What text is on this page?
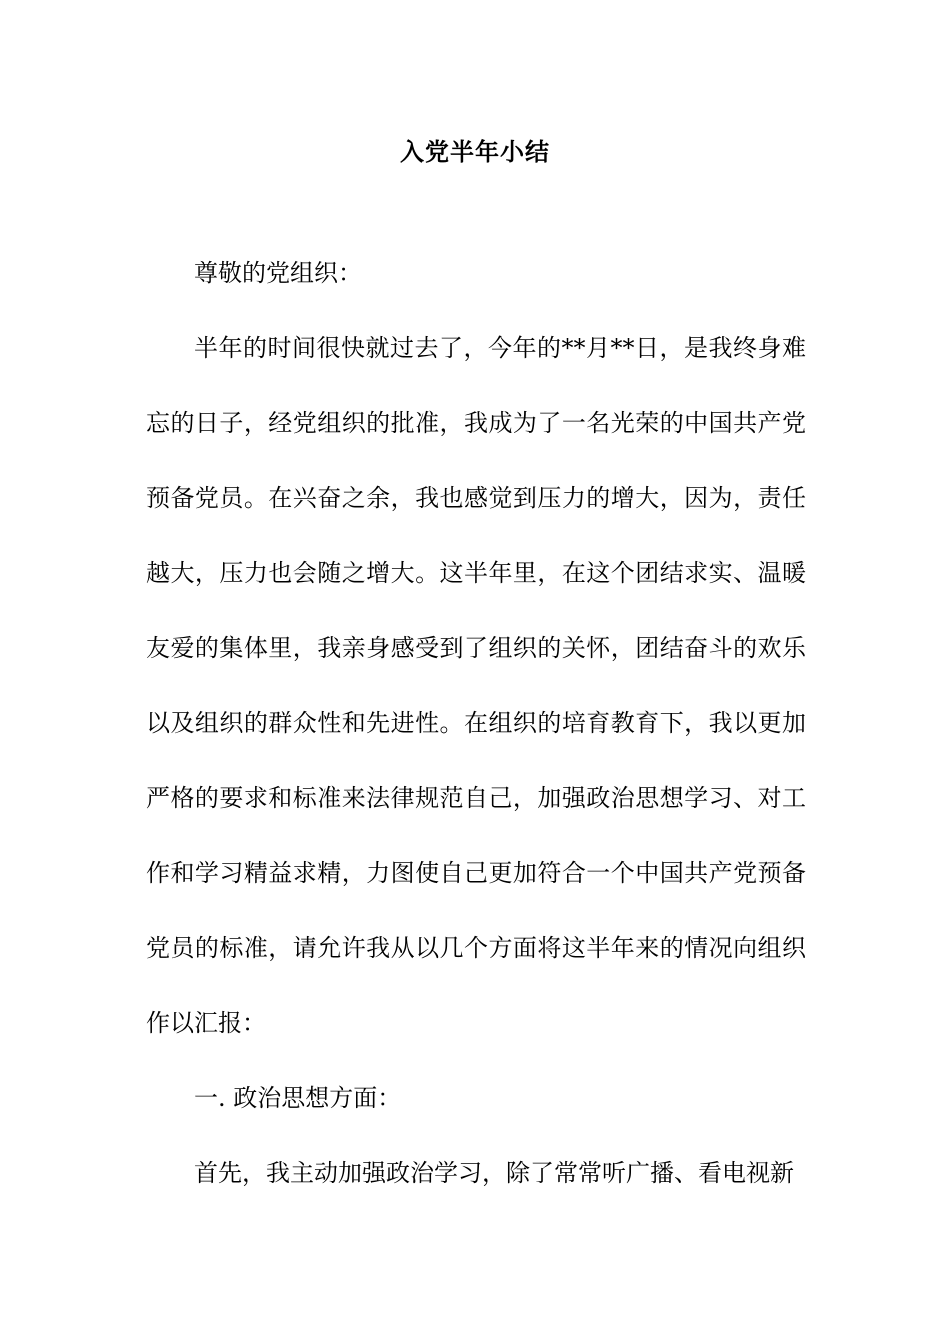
入党半年小结

尊敬的党组织：

半年的时间很快就过去了，今年的**月**日，是我终身难忘的日子，经党组织的批准，我成为了一名光荣的中国共产党预备党员。在兴奋之余，我也感觉到压力的增大，因为，责任越大，压力也会随之增大。这半年里，在这个团结求实、温暖友爱的集体里，我亲身感受到了组织的关怀，团结奋斗的欢乐以及组织的群众性和先进性。在组织的培育教育下，我以更加严格的要求和标准来法律规范自己，加强政治思想学习、对工作和学习精益求精，力图使自己更加符合一个中国共产党预备党员的标准，请允许我从以几个方面将这半年来的情况向组织作以汇报：

一. 政治思想方面：

首先，我主动加强政治学习，除了常常听广播、看电视新
